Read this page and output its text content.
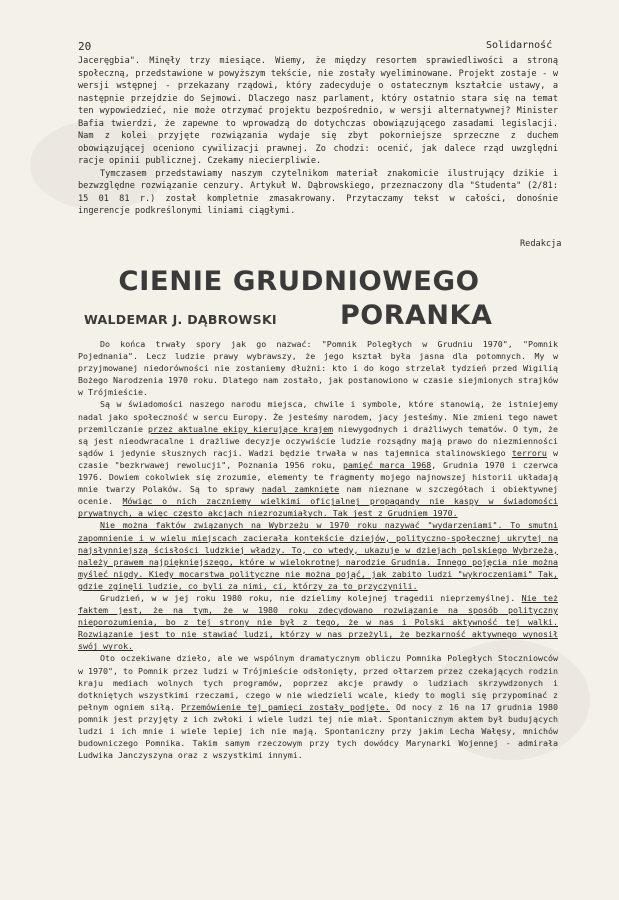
20	Solidarność

Jaceręgbia". Minęły trzy miesiące. Wiemy, że między resortem sprawiedliwości a stroną społeczną, przedstawione w powyższym tekście, nie zostały wyeliminowane. Projekt zostaje - w wersji wstępnej - przekazany rządowi, który zadecyduje o ostatecznym kształcie ustawy, a następnie przejdzie do Sejmowi. Dlaczego nasz parlament, który ostatnio stara się na temat ten wypowiedzieć, nie może otrzymać projektu bezpośrednio, w wersji alternatywnej? Minister Bafia twierdzi, że zapewne to wprowadzą do dotychczas obowiązującego zasadami legislacji. Nam z kolei przyjęte rozwiązania wydaje się zbyt pokorniejsze sprzeczne z duchem obowiązującej oceniono cywilizacji prawnej. Zo chodzi: ocenić, jak dalece rząd uwzględni racje opinii publicznej. Czekamy niecierpliwie.

Tymczasem przedstawiamy naszym czytelnikom materiał znakomicie ilustrujący dzikie i bezwzględne rozwiązanie cenzury. Artykuł W. Dąbrowskiego, przeznaczony dla "Studenta" (2/81: 15 01 81 r.) został kompletnie zmasakrowany. Przytaczamy tekst w całości, donośnie ingerencje podkreślonymi liniami ciągłymi.

Redakcja
CIENIE GRUDNIOWEGO
WALDEMAR J. DĄBROWSKI PORANKA

Do końca trwały spory jak go nazwać: "Pomnik Poległych w Grudniu 1970", "Pomnik Pojednania". Lecz ludzie prawy wybrawszy, że jego kształ była jasna dla potomnych. My w przyjmowanej niedorówności nie zostaniemy dłużni: kto i do kogo strzelał tydzień przed Wigilią Bożego Narodzenia 1970 roku. Dlatego nam zostało, jak postanowiono w czasie siejmionych strajków w Trójmieście.

Są w świadomości naszego narodu miejsca, chwile i symbole, które stanowią, że istniejemy nadal jako społeczność w sercu Europy. Że jesteśmy narodem, jacy jesteśmy. Nie zmieni tego nawet przemilczanie przez aktualne ekipy kierujące krajem niewygodnych i drażliwych tematów. O tym, że są jest nieodwracalne i drażliwe decyzje oczywiście ludzie rozsądny mają prawo do niezmienności sądów i jedynie słusznych racji. Wadzi będzie trwała w nas tajemnica stalinowskiego terroru w czasie "bezkrwawej rewolucji", Poznania 1956 roku, pamięć marca 1968, Grudnia 1970 i czerwca 1976. Dowiem cokolwiek się zrozumie, elementy te fragmenty mojego najnowszej historii układają mnie twarzy Polaków. Są to sprawy nadal zamknięte nam nieznane w szczegółach i obiektywnej ocenie. Mówiąc o nich zaczniemy wielkimi oficjalnej propagandy nie kaspy w świadomości prywatnych, a więc często akcjach niezrozumiałych. Tak jest z Grudniem 1970.

Nie można faktów związanych na Wybrzeżu w 1970 roku nazywać "wydarzeniami". To smutni zapomnienie i w wielu miejscach zacierała kontekście dziejów, polityczno-społecznej ukrytej na najsłynniejszą ścisłości ludzkiej władzy. To, co wtedy, ukazuje w dziejach polskiego Wybrzeża, należy prawem najpiękniejszego, które w wielokrotnej narodzie Grudnia. Innego pojęcia nie można myśleć nigdy. Kiedy mocarstwa polityczne nie można pojąć, jak zabito ludzi "wykroczeniami" Tak, gdzie zginęli ludzie, co byli za nimi, ci, którzy za to przyczynili.

Grudzień, w w jej roku 1980 roku, nie dzielimy kolejnej tragedii nieprzemyślnej. Nie też faktem jest, że na tym, że w 1980 roku zdecydowano rozwiązanie na sposób polityczny nieporozumienia, bo z tej strony nie był z tego, że w nas i Polski aktywność tej walki. Rozwiązanie jest to nie stawiać ludzi, którzy w nas przeżyli, że bezkarność aktywnego wynosił swój wyrok.

Oto oczekiwane dzieło, ale we wspólnym dramatycznym obliczu Pomnika Poległych Stoczniowców w 1970", to Pomnik przez ludzi w Trójmieście odsłonięty, przed ołtarzem przez czekających rodzin kraju mediach wolnych tych programów, poprzez akcje prawdy o ludziach skrzywdzonych i dotkniętych wszystkimi rzeczami, czego w nie wiedzieli wcale, kiedy to mogli się przypominać z pełnym ogniem siłą. Przemówienie tej pamięci zostały podjęte. Od nocy z 16 na 17 grudnia 1980 pomnik jest przyjęty z ich zwłoki i wiele ludzi tej nie miał. Spontanicznym aktem był budujących ludzi i ich mnie i wiele lepiej ich nie mają. Spontaniczny przy jakim Lecha Wałęsy, mnichów budowniczego Pomnika. Takim samym rzeczowym przy tych dowódcy Marynarki Wojennej - admirała Ludwika Janczyszyna oraz z wszystkimi innymi.
